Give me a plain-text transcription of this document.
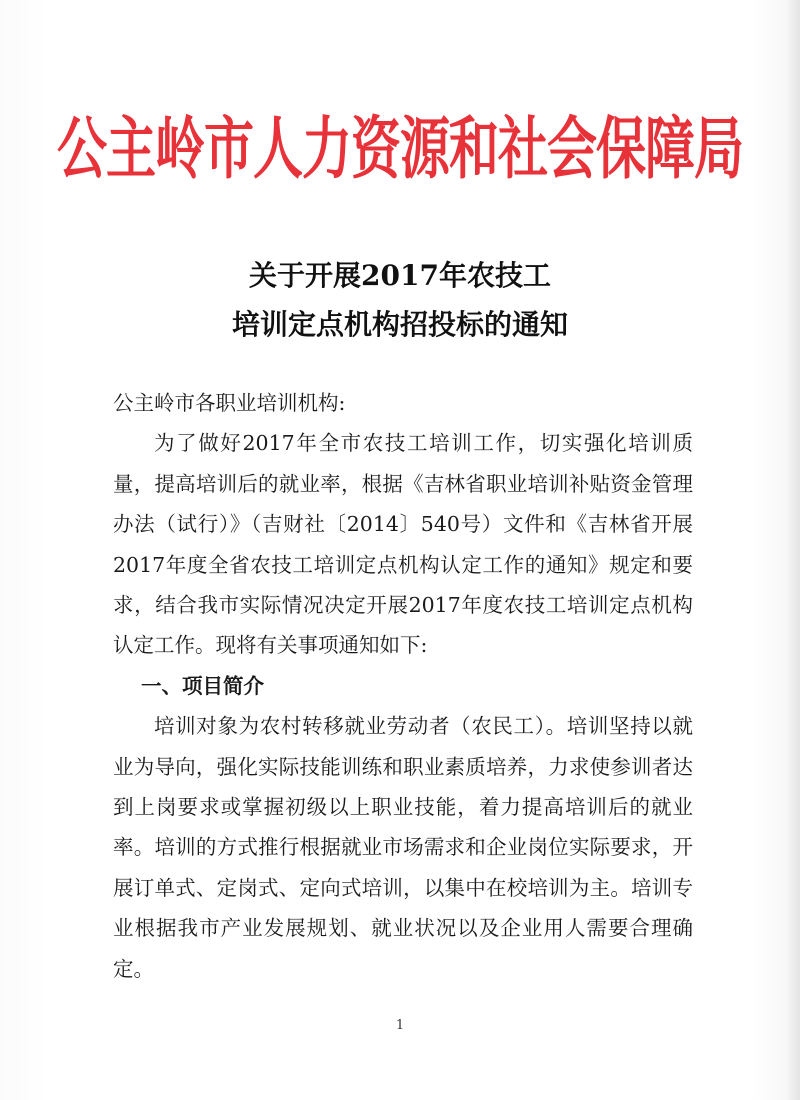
公主岭市人力资源和社会保障局
关于开展2017年农技工
培训定点机构招投标的通知

公主岭市各职业培训机构:

为了做好2017年全市农技工培训工作，切实强化培训质量，提高培训后的就业率，根据《吉林省职业培训补贴资金管理办法（试行）》（吉财社〔2014〕540号）文件和《吉林省开展2017年度全省农技工培训定点机构认定工作的通知》规定和要求，结合我市实际情况决定开展2017年度农技工培训定点机构认定工作。现将有关事项通知如下:

一、项目简介

培训对象为农村转移就业劳动者（农民工）。培训坚持以就业为导向，强化实际技能训练和职业素质培养，力求使参训者达到上岗要求或掌握初级以上职业技能，着力提高培训后的就业率。培训的方式推行根据就业市场需求和企业岗位实际要求，开展订单式、定岗式、定向式培训，以集中在校培训为主。培训专业根据我市产业发展规划、就业状况以及企业用人需要合理确定。

1
